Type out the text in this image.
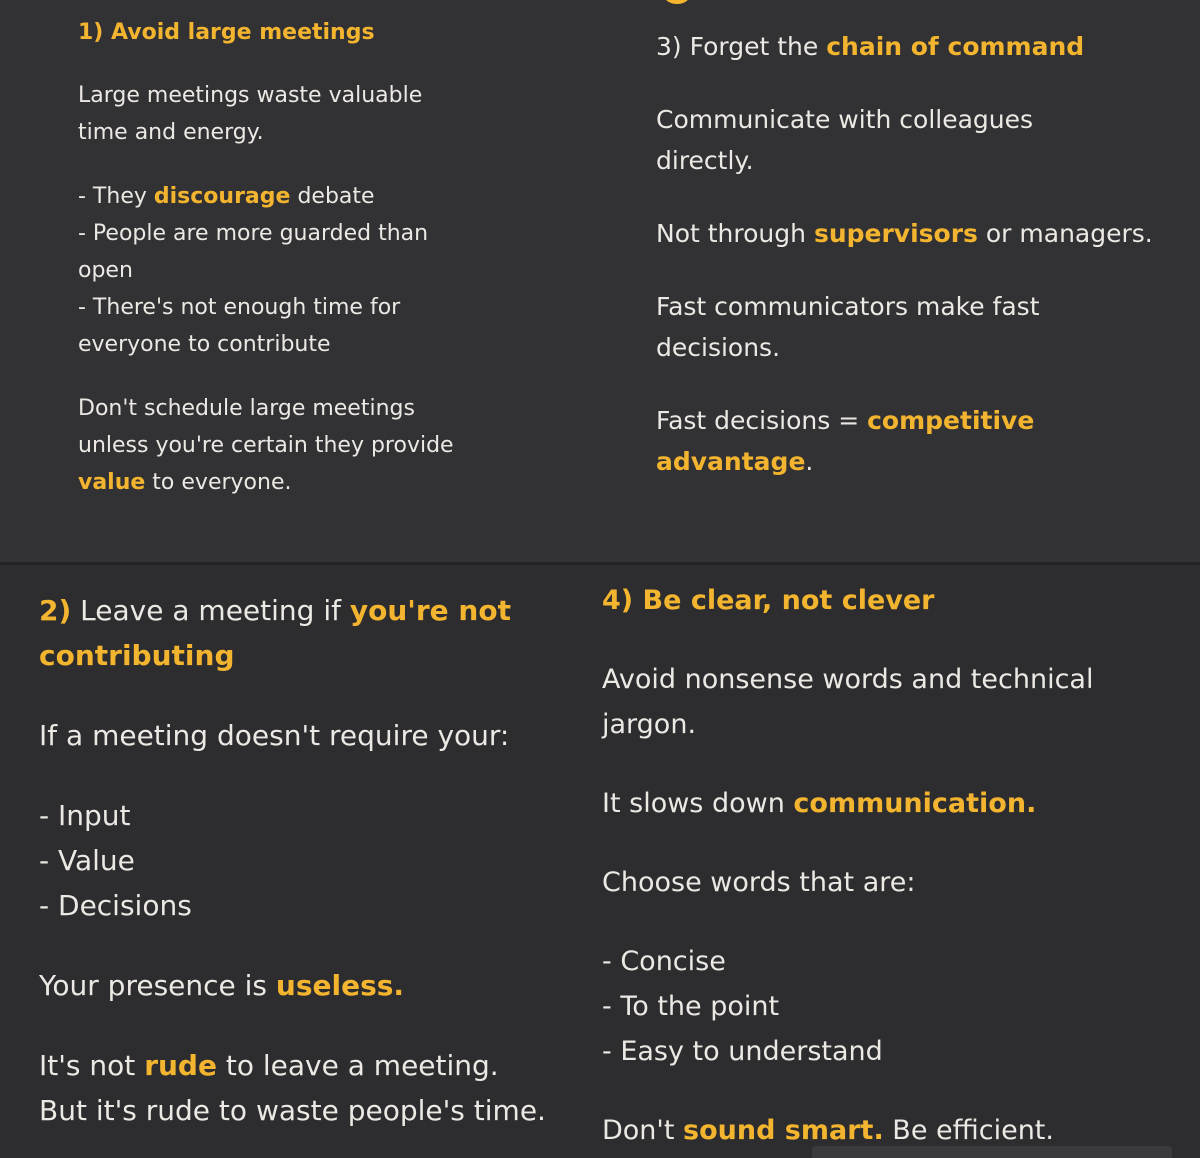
1) Avoid large meetings
Large meetings waste valuable
time and energy.
- They discourage debate
- People are more guarded than
open
- There's not enough time for
everyone to contribute
Don't schedule large meetings
unless you're certain they provide
value to everyone.
3) Forget the chain of command
Communicate with colleagues
directly.
Not through supervisors or managers.
Fast communicators make fast
decisions.
Fast decisions = competitive
advantage.
2) Leave a meeting if you're not
contributing
If a meeting doesn't require your:
- Input
- Value
- Decisions
Your presence is useless.
It's not rude to leave a meeting.
But it's rude to waste people's time.
4) Be clear, not clever
Avoid nonsense words and technical
jargon.
It slows down communication.
Choose words that are:
- Concise
- To the point
- Easy to understand
Don't sound smart. Be efficient.
